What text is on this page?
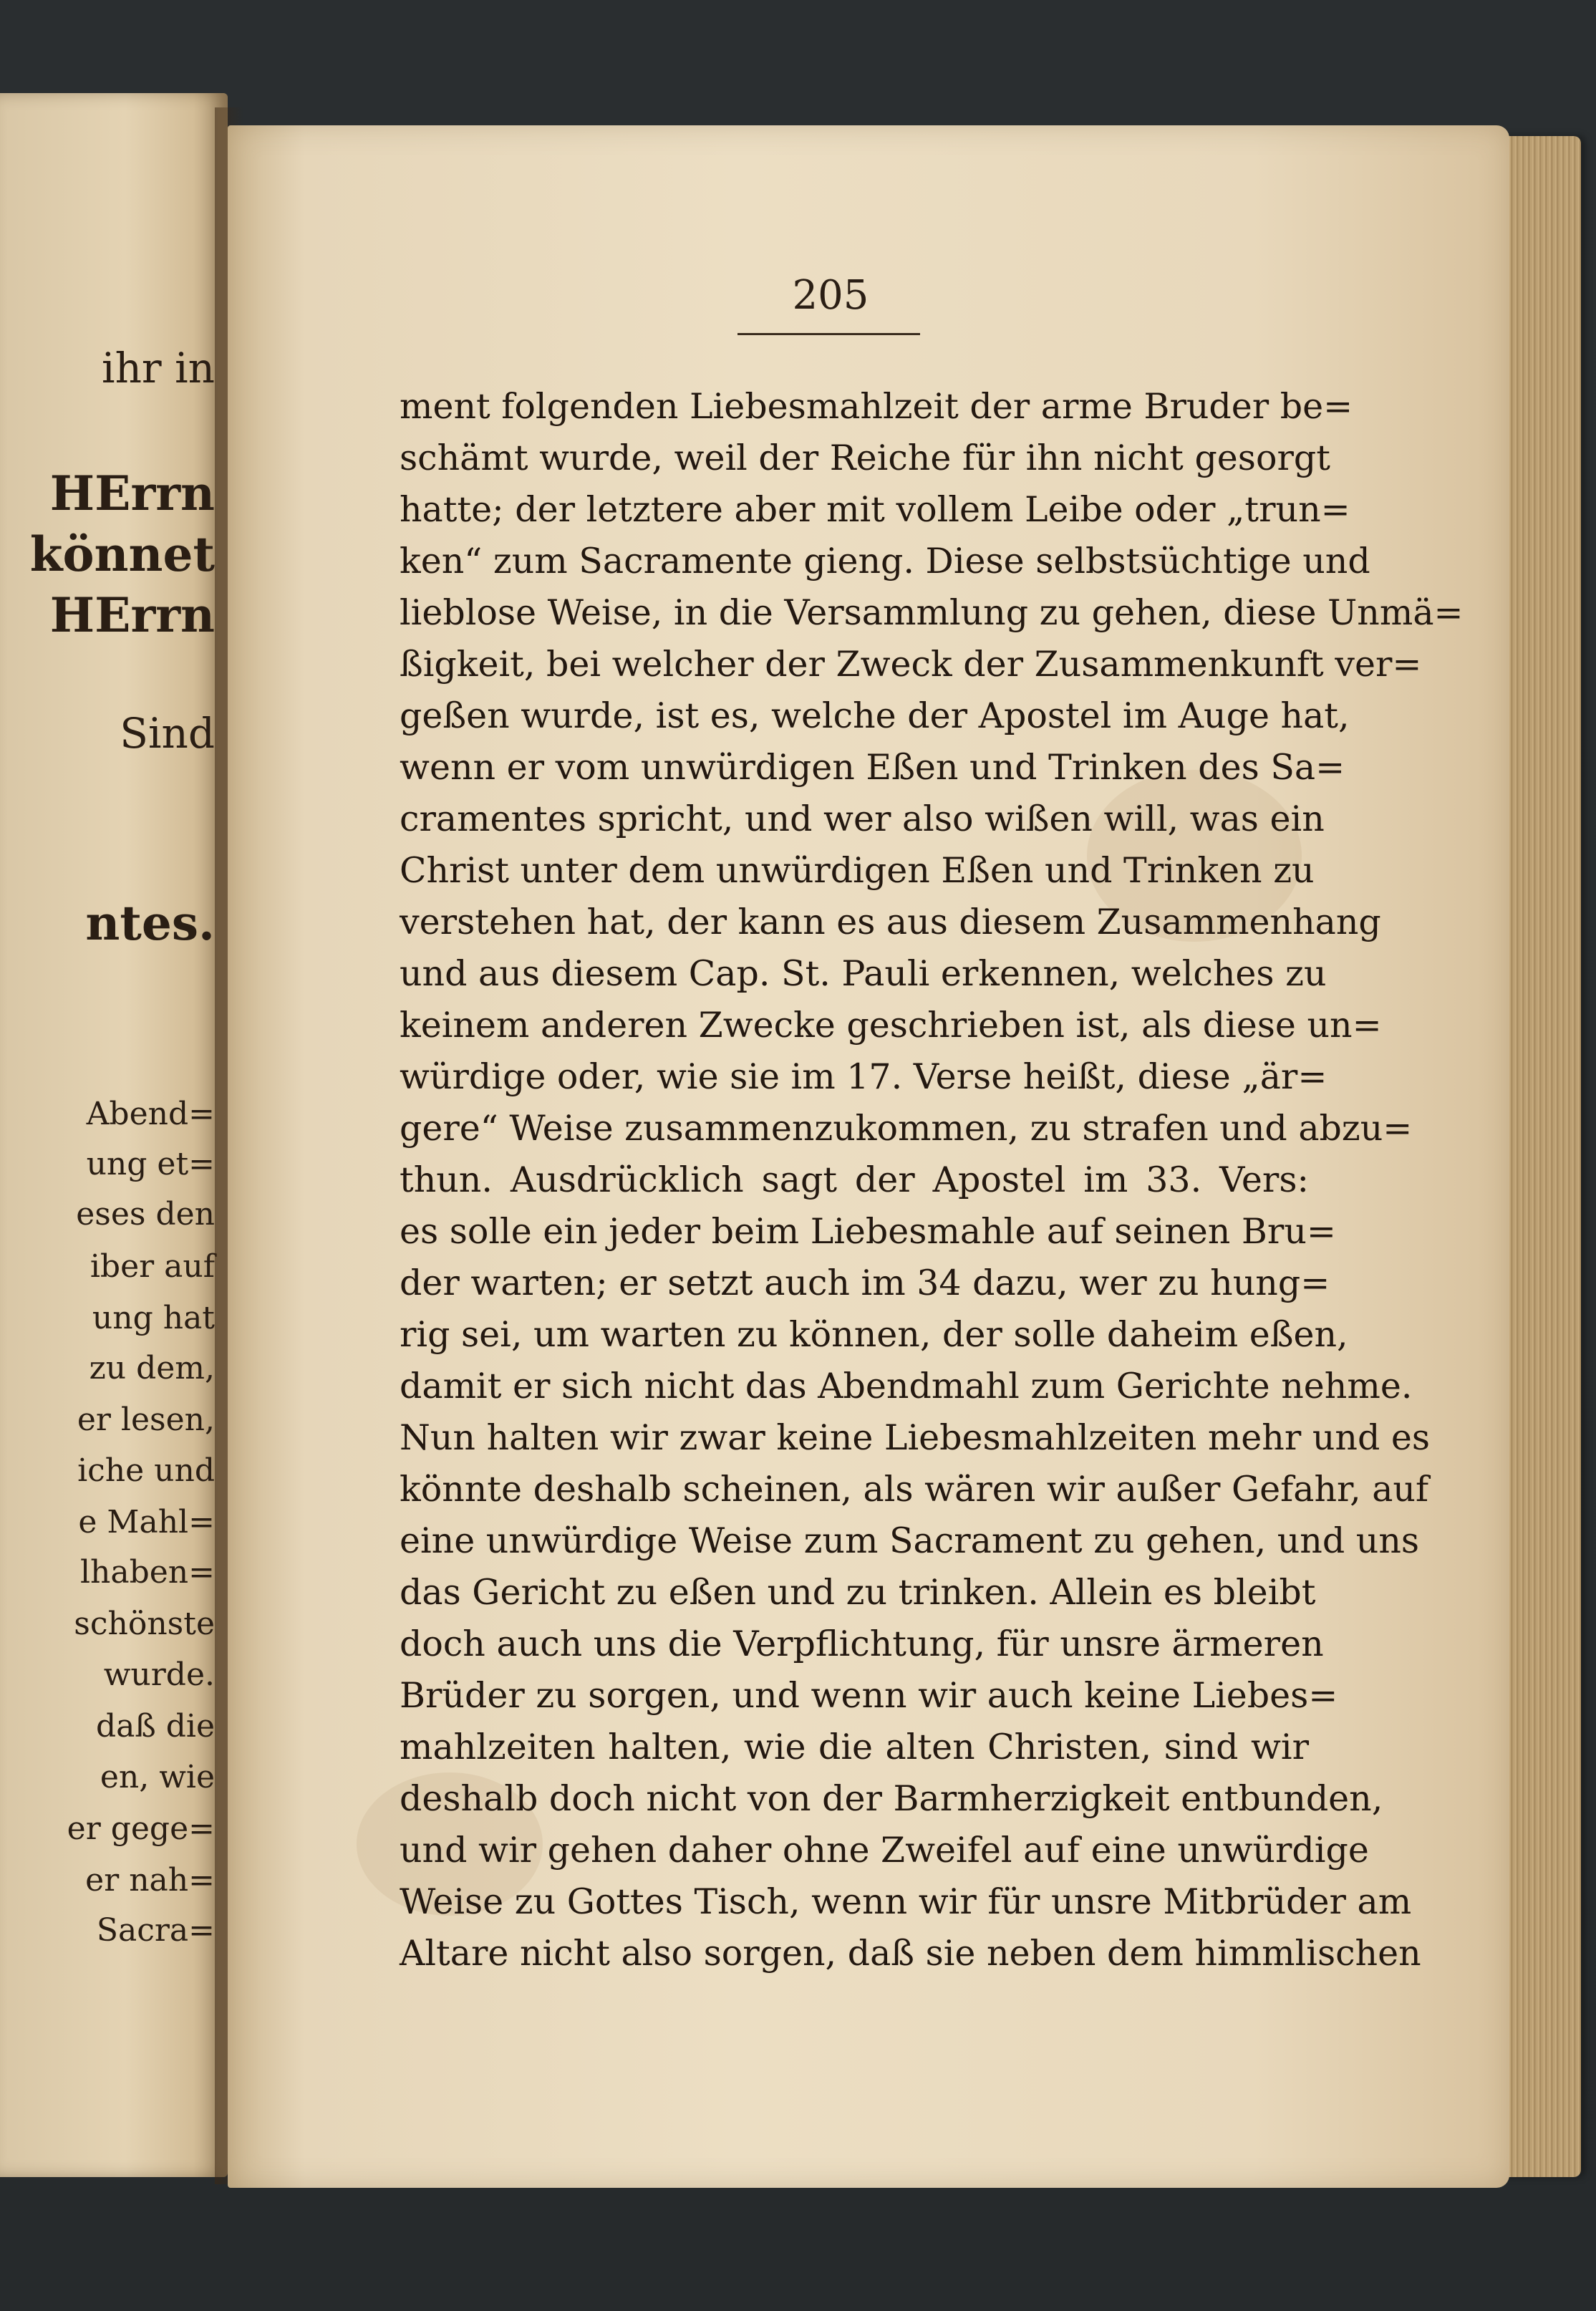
ihr in
HErrn
könnet
HErrn
Sind
ntes.
Abend=
ung et=
eses den
iber auf
ung hat
zu dem,
er lesen,
iche und
e Mahl=
lhaben=
schönste
wurde.
daß die
en, wie
er gege=
er nah=
Sacra=
205
ment folgenden Liebesmahlzeit der arme Bruder be=
schämt wurde, weil der Reiche für ihn nicht gesorgt
hatte; der letztere aber mit vollem Leibe oder „trun=
ken“ zum Sacramente gieng. Diese selbstsüchtige und
lieblose Weise, in die Versammlung zu gehen, diese Unmä=
ßigkeit, bei welcher der Zweck der Zusammenkunft ver=
geßen wurde, ist es, welche der Apostel im Auge hat,
wenn er vom unwürdigen Eßen und Trinken des Sa=
cramentes spricht, und wer also wißen will, was ein
Christ unter dem unwürdigen Eßen und Trinken zu
verstehen hat, der kann es aus diesem Zusammenhang
und aus diesem Cap. St. Pauli erkennen, welches zu
keinem anderen Zwecke geschrieben ist, als diese un=
würdige oder, wie sie im 17. Verse heißt, diese „är=
gere“ Weise zusammenzukommen, zu strafen und abzu=
thun. Ausdrücklich sagt der Apostel im 33. Vers:
es solle ein jeder beim Liebesmahle auf seinen Bru=
der warten; er setzt auch im 34 dazu, wer zu hung=
rig sei, um warten zu können, der solle daheim eßen,
damit er sich nicht das Abendmahl zum Gerichte nehme.
Nun halten wir zwar keine Liebesmahlzeiten mehr und es
könnte deshalb scheinen, als wären wir außer Gefahr, auf
eine unwürdige Weise zum Sacrament zu gehen, und uns
das Gericht zu eßen und zu trinken. Allein es bleibt
doch auch uns die Verpflichtung, für unsre ärmeren
Brüder zu sorgen, und wenn wir auch keine Liebes=
mahlzeiten halten, wie die alten Christen, sind wir
deshalb doch nicht von der Barmherzigkeit entbunden,
und wir gehen daher ohne Zweifel auf eine unwürdige
Weise zu Gottes Tisch, wenn wir für unsre Mitbrüder am
Altare nicht also sorgen, daß sie neben dem himmlischen
